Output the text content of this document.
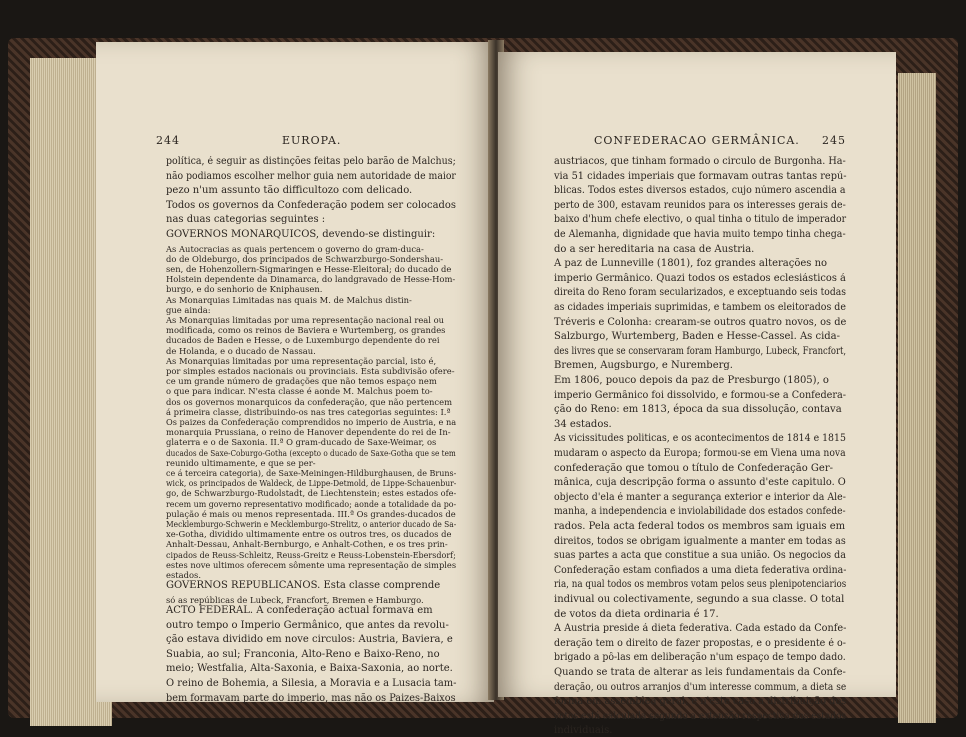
244	EUROPA.
política, é seguir as distinções feitas pelo barão de Malchus;
não podiamos escolher melhor guia nem autoridade de maior
pezo n'um assunto tão difficultozo com delicado.
Todos os governos da Confederação podem ser colocados
nas duas categorias seguintes :
GOVERNOS MONARQUICOS, devendo-se distinguir:
As Autocracias as quais pertencem o governo do gram-duca-
do de Oldeburgo, dos principados de Schwarzburgo-Sondershau-
sen, de Hohenzollern-Sigmaringen e Hesse-Eleitoral; do ducado de
Holstein dependente da Dinamarca, do landgravado de Hesse-Hom-
burgo, e do senhorio de Kniphausen.
As Monarquias Limitadas nas quais M. de Malchus distin-
gue ainda:
As Monarquias limitadas por uma representação nacional real ou
modificada, como os reinos de Baviera e Wurtemberg, os grandes
ducados de Baden e Hesse, o de Luxemburgo dependente do rei
de Holanda, e o ducado de Nassau.
As Monarquias limitadas por uma representação parcial, isto é,
por simples estados nacionais ou provinciais. Esta subdivisão ofere-
ce um grande número de gradações que não temos espaço nem
o que para indicar. N'esta classe é aonde M. Malchus poem to-
dos os governos monarquicos da confederação, que não pertencem
á primeira classe, distribuindo-os nas tres categorias seguintes: I.ª
Os paizes da Confederação comprendidos no imperio de Austria, e na
monarquia Prussiana, o reino de Hanover dependente do rei de In-
glaterra e o de Saxonia. II.ª O gram-ducado de Saxe-Weimar, os
ducados de Saxe-Coburgo-Gotha (excepto o ducado de Saxe-Gotha que se tem
reunido ultimamente, e que se per-
ce á terceira categoria), de Saxe-Meiningen-Hildburghausen, de Bruns-
wick, os principados de Waldeck, de Lippe-Detmold, de Lippe-Schauenbur-
go, de Schwarzburgo-Rudolstadt, de Liechtenstein; estes estados ofe-
recem um governo representativo modificado; aonde a totalidade da po-
pulação é mais ou menos representada. III.ª Os grandes-ducados de
Mecklemburgo-Schwerin e Mecklemburgo-Strelitz, o anterior ducado de Sa-
xe-Gotha, dividido ultimamente entre os outros tres, os ducados de
Anhalt-Dessau, Anhalt-Bernburgo, e Anhalt-Cothen, e os tres prin-
cipados de Reuss-Schleitz, Reuss-Greitz e Reuss-Lobenstein-Ebersdorf;
estes nove ultimos oferecem sômente uma representação de simples
estados.
GOVERNOS REPUBLICANOS. Esta classe comprende
só as repúblicas de Lubeck, Francfort, Bremen e Hamburgo.
ACTO FEDERAL. A confederação actual formava em
outro tempo o Imperio Germânico, que antes da revolu-
ção estava dividido em nove circulos: Austria, Baviera, e
Suabia, ao sul; Franconia, Alto-Reno e Baixo-Reno, no
meio; Westfalia, Alta-Saxonia, e Baixa-Saxonia, ao norte.
O reino de Bohemia, a Silesia, a Moravia e a Lusacia tam-
bem formavam parte do imperio, mas não os Paizes-Baixos
CONFEDERACAO GERMÂNICA. 245
austriacos, que tinham formado o circulo de Burgonha. Ha-
via 51 cidades imperiais que formavam outras tantas repú-
blicas. Todos estes diversos estados, cujo número ascendia a
perto de 300, estavam reunidos para os interesses gerais de-
baixo d'hum chefe electivo, o qual tinha o titulo de imperador
de Alemanha, dignidade que havia muito tempo tinha chega-
do a ser hereditaria na casa de Austria.
A paz de Lunneville (1801), foz grandes alterações no
imperio Germânico. Quazi todos os estados eclesiásticos á
direita do Reno foram secularizados, e exceptuando seis todas
as cidades imperiais suprimidas, e tambem os eleitorados de
Tréveris e Colonha: crearam-se outros quatro novos, os de
Salzburgo, Wurtemberg, Baden e Hesse-Cassel. As cida-
des livres que se conservaram foram Hamburgo, Lubeck, Francfort,
Bremen, Augsburgo, e Nuremberg.
Em 1806, pouco depois da paz de Presburgo (1805), o
imperio Germânico foi dissolvido, e formou-se a Confedera-
ção do Reno: em 1813, época da sua dissolução, contava
34 estados.
As vicissitudes politicas, e os acontecimentos de 1814 e 1815
mudaram o aspecto da Europa; formou-se em Viena uma nova
confederação que tomou o título de Confederação Ger-
mânica, cuja descripção forma o assunto d'este capitulo. O
objecto d'ela é manter a segurança exterior e interior da Ale-
manha, a independencia e inviolabilidade dos estados confede-
rados. Pela acta federal todos os membros sam iguais em
direitos, todos se obrigam igualmente a manter em todas as
suas partes a acta que constitue a sua união. Os negocios da
Confederação estam confiados a uma dieta federativa ordina-
ria, na qual todos os membros votam pelos seus plenipotenciarios
indivual ou colectivamente, segundo a sua classe. O total
de votos da dieta ordinaria é 17.
A Austria preside á dieta federativa. Cada estado da Confe-
deração tem o direito de fazer propostas, e o presidente é o-
brigado a pô-las em deliberação n'um espaço de tempo dado.
Quando se trata de alterar as leis fundamentais da Confe-
deração, ou outros arranjos d'um interesse commum, a dieta se
forma em assemblea geral, e n'este caso a distribuição dos
votos está calculada segundo a extensão respectiva dos estados
individuais.
